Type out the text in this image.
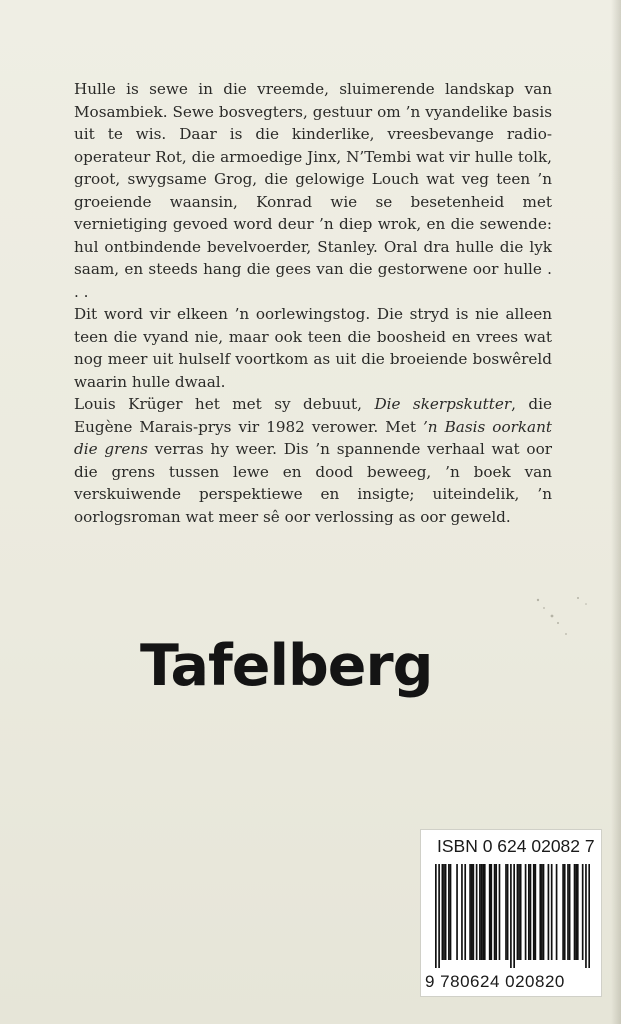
Hulle is sewe in die vreemde, sluimerende landskap van Mosambiek. Sewe bosvegters, gestuur om ’n vyandelike basis uit te wis. Daar is die kinderlike, vreesbevange radio-operateur Rot, die armoedige Jinx, N’Tembi wat vir hulle tolk, groot, swygsame Grog, die gelowige Louch wat veg teen ’n groeiende waansin, Konrad wie se besetenheid met vernietiging gevoed word deur ’n diep wrok, en die sewende: hul ontbindende bevelvoerder, Stanley. Oral dra hulle die lyk saam, en steeds hang die gees van die gestorwene oor hulle . . .

Dit word vir elkeen ’n oorlewingstog. Die stryd is nie alleen teen die vyand nie, maar ook teen die boosheid en vrees wat nog meer uit hulself voortkom as uit die broeiende boswêreld waarin hulle dwaal.

Louis Krüger het met sy debuut, Die skerpskutter, die Eugène Marais-prys vir 1982 verower. Met ’n Basis oorkant die grens verras hy weer. Dis ’n spannende verhaal wat oor die grens tussen lewe en dood beweeg, ’n boek van verskuiwende perspektiewe en insigte; uiteindelik, ’n oorlogsroman wat meer sê oor verlossing as oor geweld.

Tafelberg
ISBN 0 624 02082 7
9 780624 020820
